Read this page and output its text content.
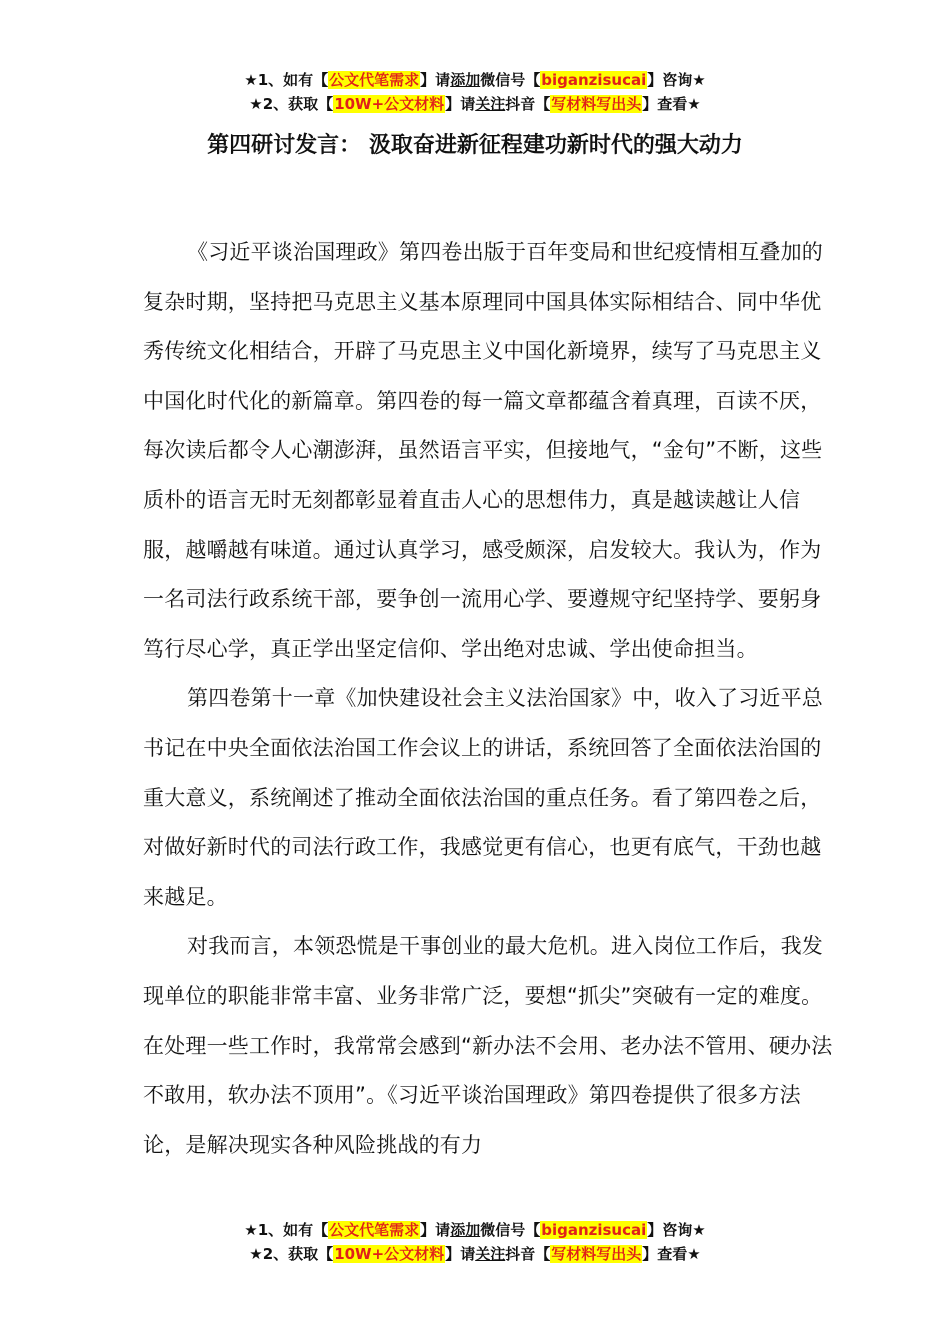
★1、如有【公文代笔需求】请添加微信号【biganzisucai】咨询★
★2、获取【10W+公文材料】请关注抖音【写材料写出头】查看★
第四研讨发言： 汲取奋进新征程建功新时代的强大动力

《习近平谈治国理政》第四卷出版于百年变局和世纪疫情相互叠加的复杂时期，坚持把马克思主义基本原理同中国具体实际相结合、同中华优秀传统文化相结合，开辟了马克思主义中国化新境界，续写了马克思主义中国化时代化的新篇章。第四卷的每一篇文章都蕴含着真理，百读不厌，每次读后都令人心潮澎湃，虽然语言平实，但接地气，“金句”不断，这些质朴的语言无时无刻都彰显着直击人心的思想伟力，真是越读越让人信服，越嚼越有味道。通过认真学习，感受颇深，启发较大。我认为，作为一名司法行政系统干部，要争创一流用心学、要遵规守纪坚持学、要躬身笃行尽心学，真正学出坚定信仰、学出绝对忠诚、学出使命担当。

第四卷第十一章《加快建设社会主义法治国家》中，收入了习近平总书记在中央全面依法治国工作会议上的讲话，系统回答了全面依法治国的重大意义，系统阐述了推动全面依法治国的重点任务。看了第四卷之后，对做好新时代的司法行政工作，我感觉更有信心，也更有底气，干劲也越来越足。

对我而言，本领恐慌是干事创业的最大危机。进入岗位工作后，我发现单位的职能非常丰富、业务非常广泛，要想“抓尖”突破有一定的难度。在处理一些工作时，我常常会感到“新办法不会用、老办法不管用、硬办法不敢用，软办法不顶用”。《习近平谈治国理政》第四卷提供了很多方法论，是解决现实各种风险挑战的有力

★1、如有【公文代笔需求】请添加微信号【biganzisucai】咨询★
★2、获取【10W+公文材料】请关注抖音【写材料写出头】查看★
